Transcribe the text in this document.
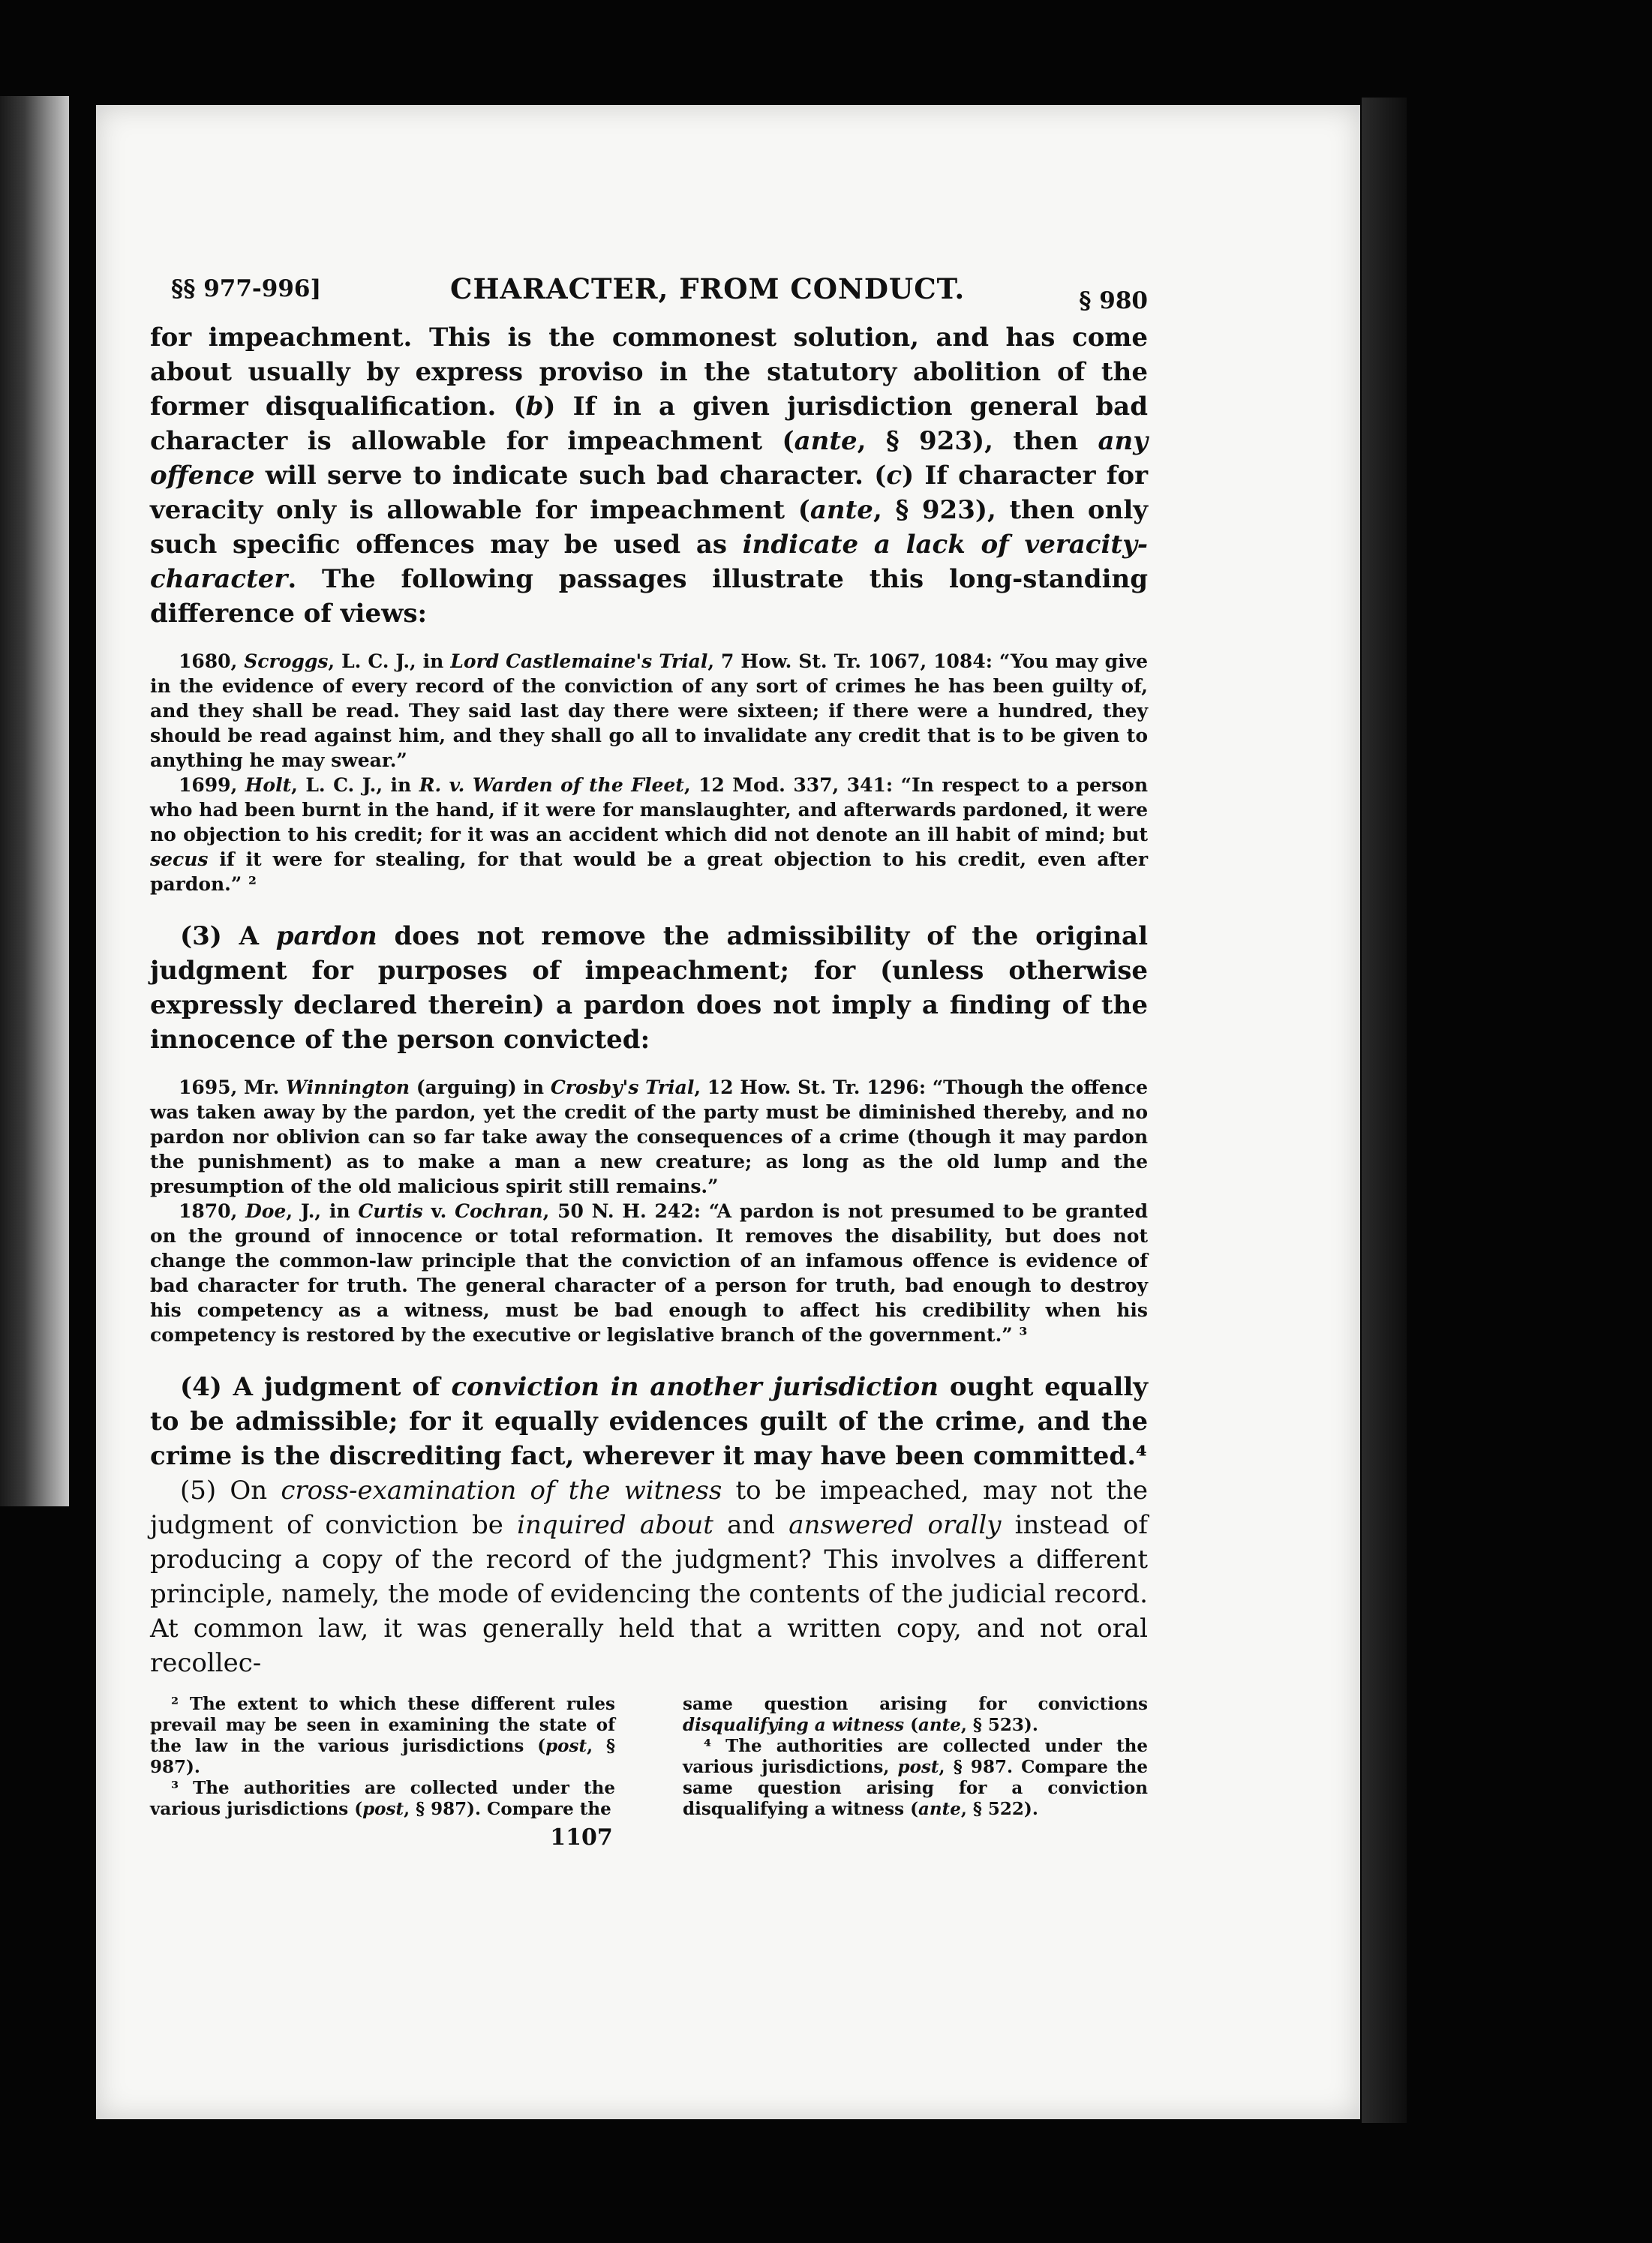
§§ 977-996]	CHARACTER, FROM CONDUCT.	§ 980

for impeachment. This is the commonest solution, and has come about usually by express proviso in the statutory abolition of the former disqualification. (b) If in a given jurisdiction general bad character is allowable for impeachment (ante, § 923), then any offence will serve to indicate such bad character. (c) If character for veracity only is allowable for impeachment (ante, § 923), then only such specific offences may be used as indicate a lack of veracity-character. The following passages illustrate this long-standing difference of views:

1680, Scroggs, L. C. J., in Lord Castlemaine's Trial, 7 How. St. Tr. 1067, 1084: “You may give in the evidence of every record of the conviction of any sort of crimes he has been guilty of, and they shall be read. They said last day there were sixteen; if there were a hundred, they should be read against him, and they shall go all to invalidate any credit that is to be given to anything he may swear.”

1699, Holt, L. C. J., in R. v. Warden of the Fleet, 12 Mod. 337, 341: “In respect to a person who had been burnt in the hand, if it were for manslaughter, and afterwards pardoned, it were no objection to his credit; for it was an accident which did not denote an ill habit of mind; but secus if it were for stealing, for that would be a great objection to his credit, even after pardon.” ²

(3) A pardon does not remove the admissibility of the original judgment for purposes of impeachment; for (unless otherwise expressly declared therein) a pardon does not imply a finding of the innocence of the person convicted:

1695, Mr. Winnington (arguing) in Crosby's Trial, 12 How. St. Tr. 1296: “Though the offence was taken away by the pardon, yet the credit of the party must be diminished thereby, and no pardon nor oblivion can so far take away the consequences of a crime (though it may pardon the punishment) as to make a man a new creature; as long as the old lump and the presumption of the old malicious spirit still remains.”

1870, Doe, J., in Curtis v. Cochran, 50 N. H. 242: “A pardon is not presumed to be granted on the ground of innocence or total reformation. It removes the disability, but does not change the common-law principle that the conviction of an infamous offence is evidence of bad character for truth. The general character of a person for truth, bad enough to destroy his competency as a witness, must be bad enough to affect his credibility when his competency is restored by the executive or legislative branch of the government.” ³

(4) A judgment of conviction in another jurisdiction ought equally to be admissible; for it equally evidences guilt of the crime, and the crime is the discrediting fact, wherever it may have been committed.⁴

(5) On cross-examination of the witness to be impeached, may not the judgment of conviction be inquired about and answered orally instead of producing a copy of the record of the judgment? This involves a different principle, namely, the mode of evidencing the contents of the judicial record. At common law, it was generally held that a written copy, and not oral recollec-

² The extent to which these different rules prevail may be seen in examining the state of the law in the various jurisdictions (post, § 987).

³ The authorities are collected under the various jurisdictions (post, § 987). Compare the

same question arising for convictions disqualifying a witness (ante, § 523).

⁴ The authorities are collected under the various jurisdictions, post, § 987. Compare the same question arising for a conviction disqualifying a witness (ante, § 522).

1107
